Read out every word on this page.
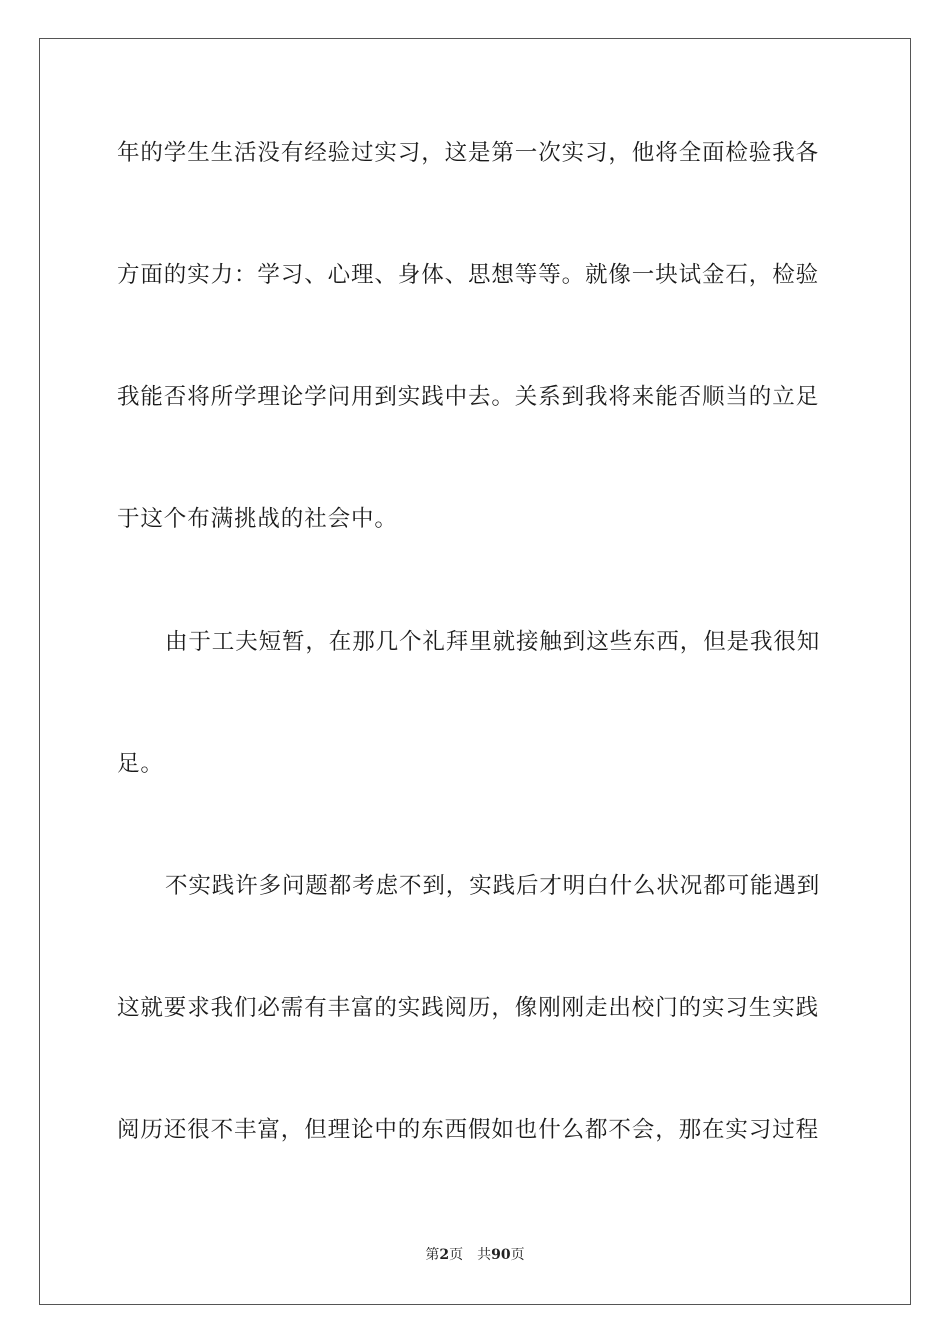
年的学生生活没有经验过实习，这是第一次实习，他将全面检验我各
方面的实力：学习、心理、身体、思想等等。就像一块试金石，检验
我能否将所学理论学问用到实践中去。关系到我将来能否顺当的立足
于这个布满挑战的社会中。
由于工夫短暂，在那几个礼拜里就接触到这些东西，但是我很知
足。
不实践许多问题都考虑不到，实践后才明白什么状况都可能遇到
这就要求我们必需有丰富的实践阅历，像刚刚走出校门的实习生实践
阅历还很不丰富，但理论中的东西假如也什么都不会，那在实习过程
第2页 共90页
